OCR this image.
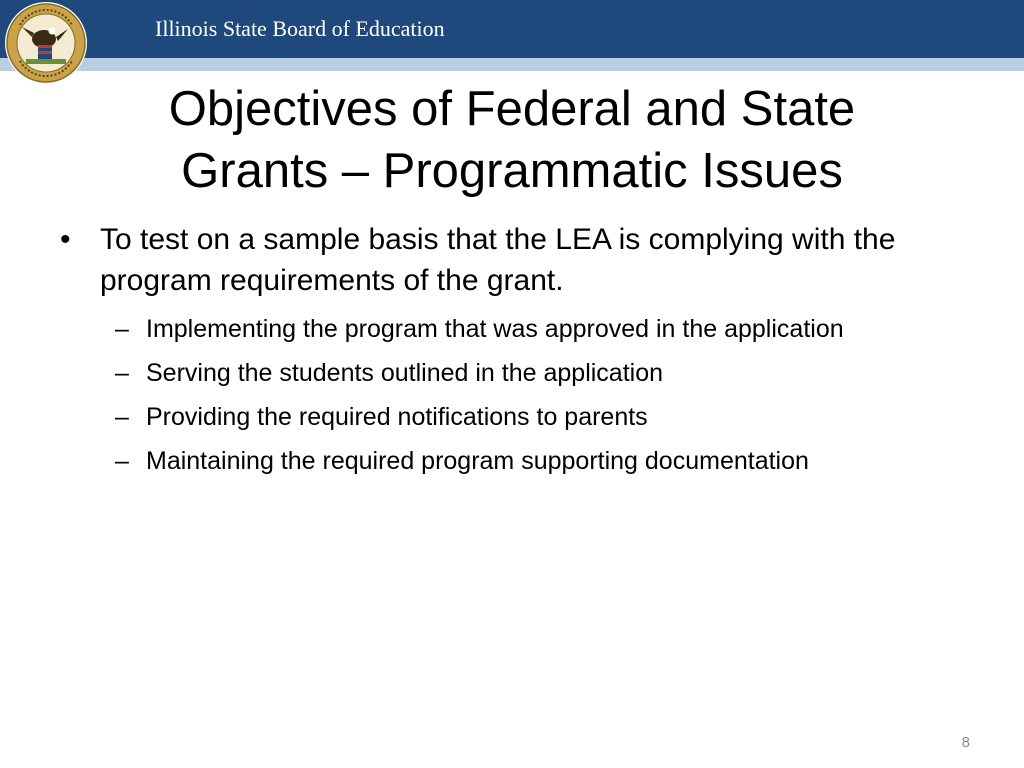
Illinois State Board of Education
Objectives of Federal and State
Grants – Programmatic Issues
• To test on a sample basis that the LEA is complying with the program requirements of the grant.
– Implementing the program that was approved in the application
– Serving the students outlined in the application
– Providing the required notifications to parents
– Maintaining the required program supporting documentation
8
